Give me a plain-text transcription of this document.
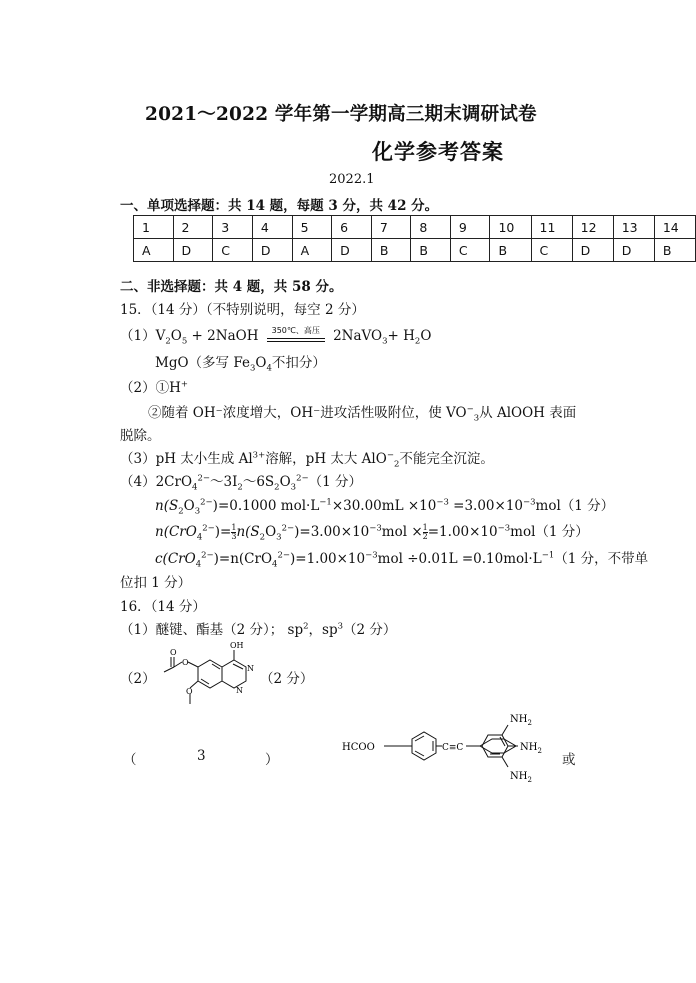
2021～2022 学年第一学期高三期末调研试卷
化学参考答案
2022.1
一、单项选择题：共 14 题，每题 3 分，共 42 分。
1	2	3	4	5	6	7	8	9	10	11	12	13	14
A	D	C	D	A	D	B	B	C	B	C	D	D	B
二、非选择题：共 4 题，共 58 分。
15．（14 分）（不特别说明，每空 2 分）
$(1)V_2O_5$ + 2NaOH	350℃、高压 2NaVO$_3$+ $H_2O$
MgO（多写 $Fe_3O_4$不扣分）
（2）①H+
②随着 OH⁻浓度增大，OH⁻进攻活性吸附位，使 $VO^-_3$从 AlOOH 表面
脱除。
（3）pH 太小生成 $Al^{3+}$溶解，pH 太大 AlO−$_2$不能完全沉淀。
$(4)2CrO_4^{2-}\sim 3I_2\sim 6S_2O_3^{2-}(1$ 分）
$n(S_2O_3^{2-})=0.1000$ $mol\cdot L^{-1}\times 30.00mL \times 10^{-3} =3.00\times 10^{-3}mol(1$ 分）
$n(CrO_4^{2-})= \frac{1}{3} n(S_2O_3^{2-})=3.00\times 10^{-3}mol \times \frac{1}{2} =1.00\times 10^{-3}mol(1$ 分）
$c(CrO_4^{2-})=n(CrO_4^{2-})=1.00\times 10^{-3}mol \div 0.01L =0.10mol\cdot L^{-1}(1$ 分，不带单
位扣 1 分）
16．（14 分）
（1）醚键、酯基（2 分）； $sp^2$，$sp^3(2$ 分）
（2）
OH
N
N
O
O
O
（2 分）
（	3	）
HCOO	C≡C
$NH_2$
$NH_2$
$NH_2$
或
